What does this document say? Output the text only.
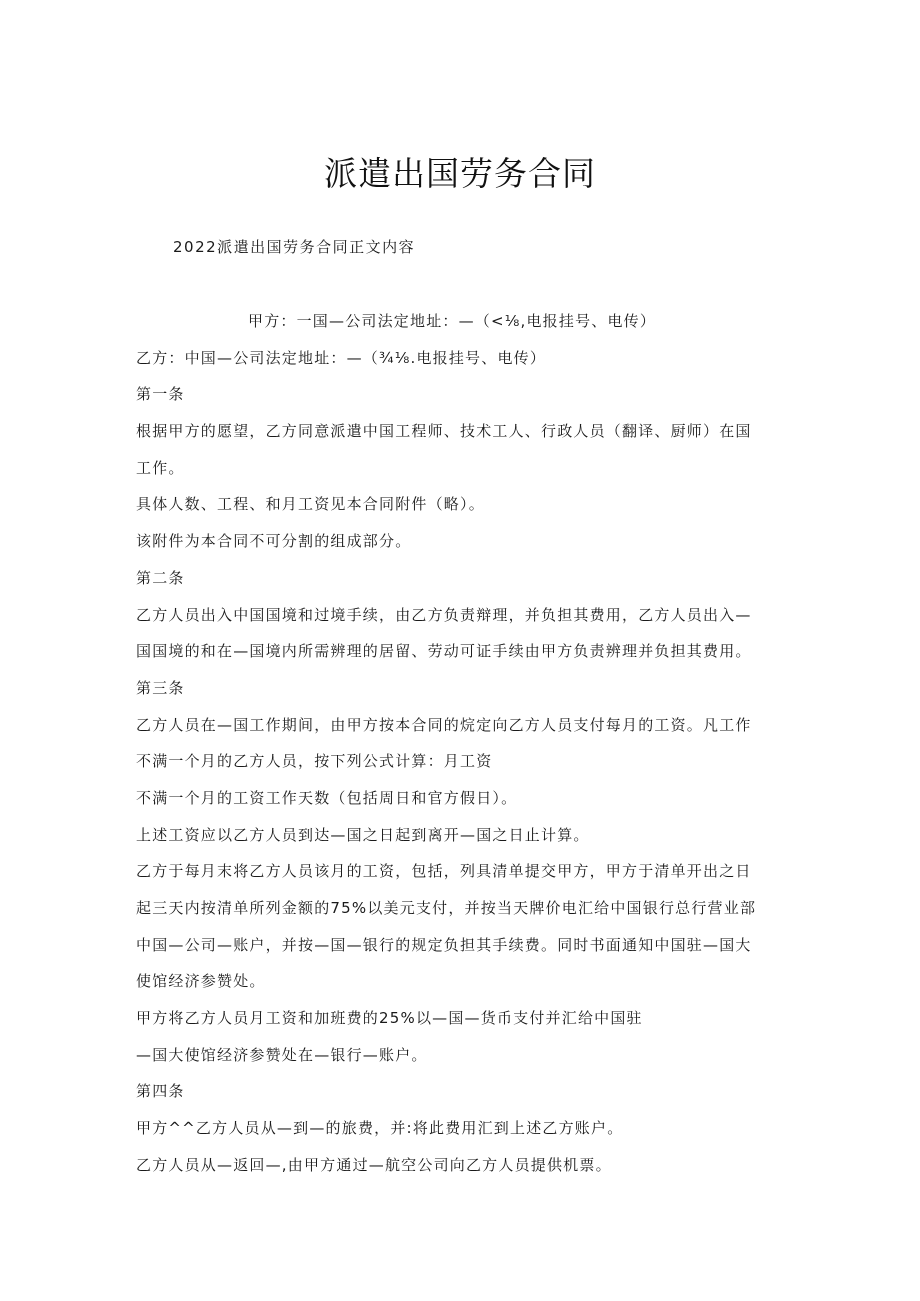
派遣出国劳务合同
2022派遣出国劳务合同正文内容
甲方：一国—公司法定地址：—（<⅛,电报挂号、电传）
乙方：中国—公司法定地址：—（¾⅛.电报挂号、电传）
第一条
根据甲方的愿望，乙方同意派遣中国工程师、技术工人、行政人员（翻译、厨师）在国
工作。
具体人数、工程、和月工资见本合同附件（略）。
该附件为本合同不可分割的组成部分。
第二条
乙方人员出入中国国境和过境手续，由乙方负责辩理，并负担其费用，乙方人员出入—
国国境的和在—国境内所需辨理的居留、劳动可证手续由甲方负责辨理并负担其费用。
第三条
乙方人员在—国工作期间，由甲方按本合同的烷定向乙方人员支付每月的工资。凡工作
不满一个月的乙方人员，按下列公式计算：月工资
不满一个月的工资工作天数（包括周日和官方假日）。
上述工资应以乙方人员到达—国之日起到离开—国之日止计算。
乙方于每月末将乙方人员该月的工资，包括，列具清单提交甲方，甲方于清单开出之日
起三天内按清单所列金额的75%以美元支付，并按当天牌价电汇给中国银行总行营业部
中国—公司—账户，并按—国—银行的规定负担其手续费。同时书面通知中国驻—国大
使馆经济参赞处。
甲方将乙方人员月工资和加班费的25%以—国—货币支付并汇给中国驻
—国大使馆经济参赞处在—银行—账户。
第四条
甲方^^乙方人员从—到—的旅费，并:将此费用汇到上述乙方账户。
乙方人员从—返回—,由甲方通过—航空公司向乙方人员提供机票。
